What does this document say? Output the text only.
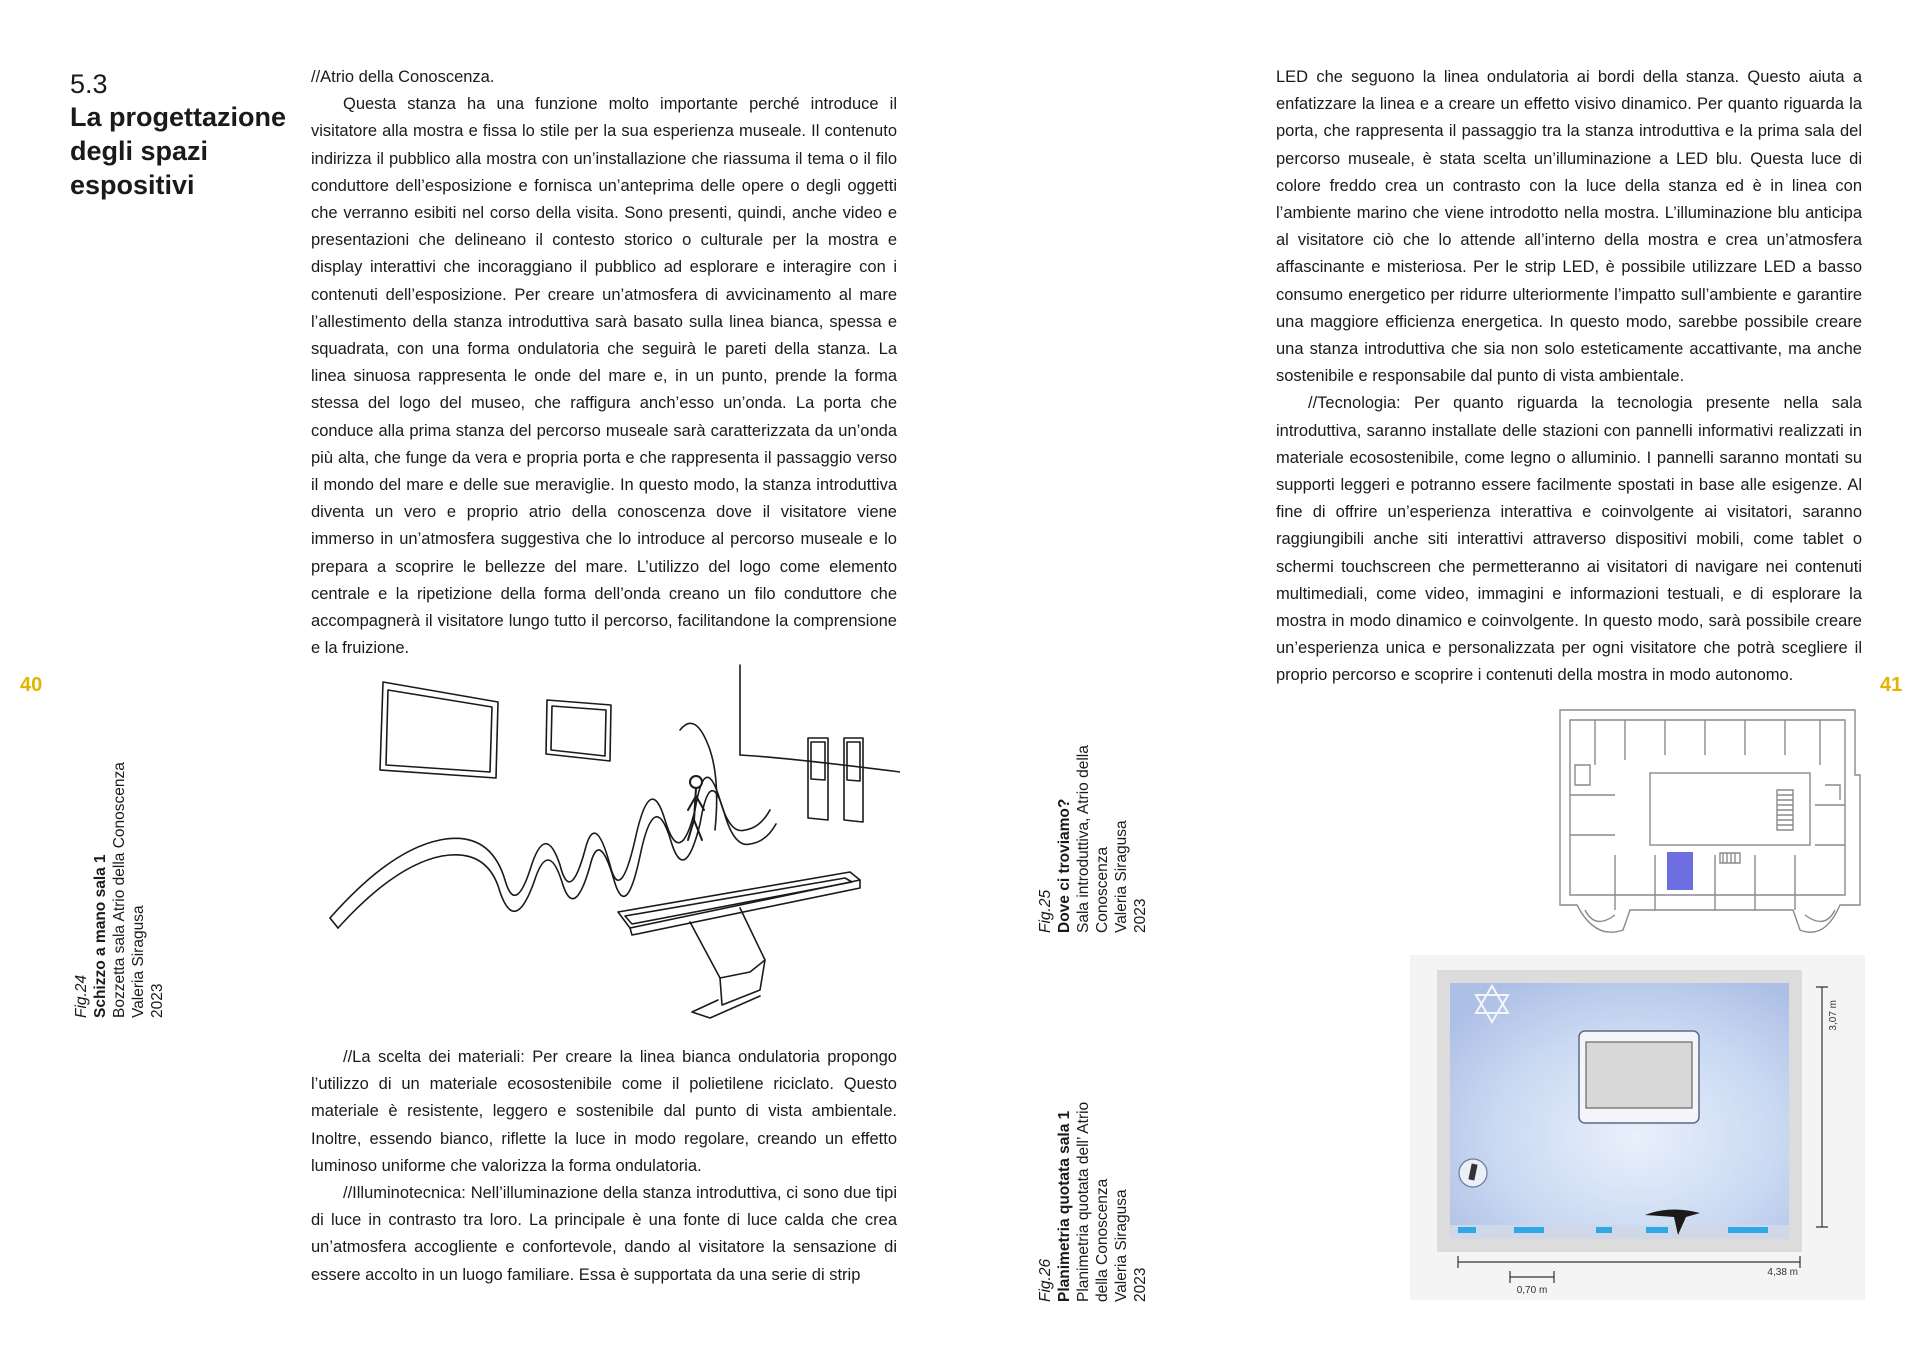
5.3
La progettazione degli spazi espositivi

//Atrio della Conoscenza.

Questa stanza ha una funzione molto importante perché introduce il visitatore alla mostra e fissa lo stile per la sua esperienza museale. Il contenuto indirizza il pubblico alla mostra con un’installazione che riassuma il tema o il filo conduttore dell’esposizione e fornisca un’anteprima delle opere o degli oggetti che verranno esibiti nel corso della visita. Sono presenti, quindi, anche video e presentazioni che delineano il contesto storico o culturale per la mostra e display interattivi che incoraggiano il pubblico ad esplorare e interagire con i contenuti dell’esposizione. Per creare un’atmosfera di avvicinamento al mare l’allestimento della stanza introduttiva sarà basato sulla linea bianca, spessa e squadrata, con una forma ondulatoria che seguirà le pareti della stanza. La linea sinuosa rappresenta le onde del mare e, in un punto, prende la forma stessa del logo del museo, che raffigura anch’esso un’onda. La porta che conduce alla prima stanza del percorso museale sarà caratterizzata da un’onda più alta, che funge da vera e propria porta e che rappresenta il passaggio verso il mondo del mare e delle sue meraviglie. In questo modo, la stanza introduttiva diventa un vero e proprio atrio della conoscenza dove il visitatore viene immerso in un’atmosfera suggestiva che lo introduce al percorso museale e lo prepara a scoprire le bellezze del mare. L’utilizzo del logo come elemento centrale e la ripetizione della forma dell’onda creano un filo conduttore che accompagnerà il visitatore lungo tutto il percorso, facilitandone la comprensione e la fruizione.

40
Fig.24 Schizzo a mano sala 1 Bozzetta sala Atrio della Conoscenza Valeria Siragusa 2023

//La scelta dei materiali: Per creare la linea bianca ondulatoria propongo l’utilizzo di un materiale ecosostenibile come il polietilene riciclato. Questo materiale è resistente, leggero e sostenibile dal punto di vista ambientale. Inoltre, essendo bianco, riflette la luce in modo regolare, creando un effetto luminoso uniforme che valorizza la forma ondulatoria.

//Illuminotecnica: Nell’illuminazione della stanza introduttiva, ci sono due tipi di luce in contrasto tra loro. La principale è una fonte di luce calda che crea un’atmosfera accogliente e confortevole, dando al visitatore la sensazione di essere accolto in un luogo familiare. Essa è supportata da una serie di strip

LED che seguono la linea ondulatoria ai bordi della stanza. Questo aiuta a enfatizzare la linea e a creare un effetto visivo dinamico. Per quanto riguarda la porta, che rappresenta il passaggio tra la stanza introduttiva e la prima sala del percorso museale, è stata scelta un’illuminazione a LED blu. Questa luce di colore freddo crea un contrasto con la luce della stanza ed è in linea con l’ambiente marino che viene introdotto nella mostra. L’illuminazione blu anticipa al visitatore ciò che lo attende all’interno della mostra e crea un’atmosfera affascinante e misteriosa. Per le strip LED, è possibile utilizzare LED a basso consumo energetico per ridurre ulteriormente l’impatto sull’ambiente e garantire una maggiore efficienza energetica. In questo modo, sarebbe possibile creare una stanza introduttiva che sia non solo esteticamente accattivante, ma anche sostenibile e responsabile dal punto di vista ambientale.

//Tecnologia: Per quanto riguarda la tecnologia presente nella sala introduttiva, saranno installate delle stazioni con pannelli informativi realizzati in materiale ecosostenibile, come legno o alluminio. I pannelli saranno montati su supporti leggeri e potranno essere facilmente spostati in base alle esigenze. Al fine di offrire un’esperienza interattiva e coinvolgente ai visitatori, saranno raggiungibili anche siti interattivi attraverso dispositivi mobili, come tablet o schermi touchscreen che permetteranno ai visitatori di navigare nei contenuti multimediali, come video, immagini e informazioni testuali, e di esplorare la mostra in modo dinamico e coinvolgente. In questo modo, sarà possibile creare un’esperienza unica e personalizzata per ogni visitatore che potrà scegliere il proprio percorso e scoprire i contenuti della mostra in modo autonomo.	41
Fig.25 Dove ci troviamo? Sala introduttiva, Atrio della Conoscenza Valeria Siragusa 2023
Fig.26 Planimetria quotata sala 1 Planimetria quotata dell’ Atrio della Conoscenza Valeria Siragusa 2023
3,07 m
4,38 m
0,70 m
